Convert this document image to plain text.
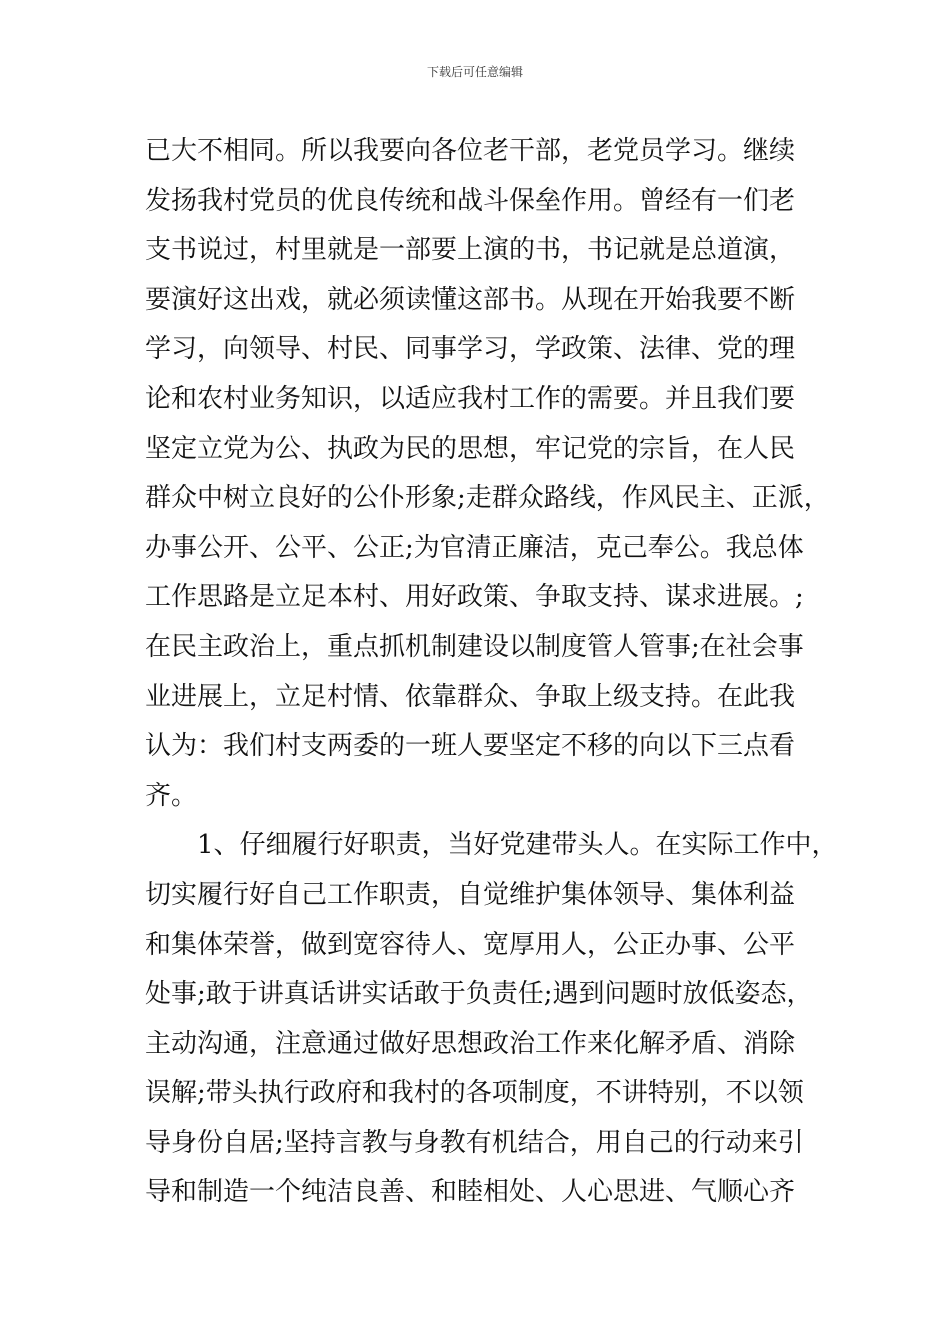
下载后可任意编辑
已大不相同。所以我要向各位老干部，老党员学习。继续
发扬我村党员的优良传统和战斗保垒作用。曾经有一们老
支书说过，村里就是一部要上演的书，书记就是总道演，
要演好这出戏，就必须读懂这部书。从现在开始我要不断
学习，向领导、村民、同事学习，学政策、法律、党的理
论和农村业务知识，以适应我村工作的需要。并且我们要
坚定立党为公、执政为民的思想，牢记党的宗旨，在人民
群众中树立良好的公仆形象;走群众路线，作风民主、正派，
办事公开、公平、公正;为官清正廉洁，克己奉公。我总体
工作思路是立足本村、用好政策、争取支持、谋求进展。;
在民主政治上，重点抓机制建设以制度管人管事;在社会事
业进展上，立足村情、依靠群众、争取上级支持。在此我
认为：我们村支两委的一班人要坚定不移的向以下三点看
齐。
　　1、仔细履行好职责，当好党建带头人。在实际工作中，
切实履行好自己工作职责，自觉维护集体领导、集体利益
和集体荣誉，做到宽容待人、宽厚用人，公正办事、公平
处事;敢于讲真话讲实话敢于负责任;遇到问题时放低姿态，
主动沟通，注意通过做好思想政治工作来化解矛盾、消除
误解;带头执行政府和我村的各项制度，不讲特别，不以领
导身份自居;坚持言教与身教有机结合，用自己的行动来引
导和制造一个纯洁良善、和睦相处、人心思进、气顺心齐
